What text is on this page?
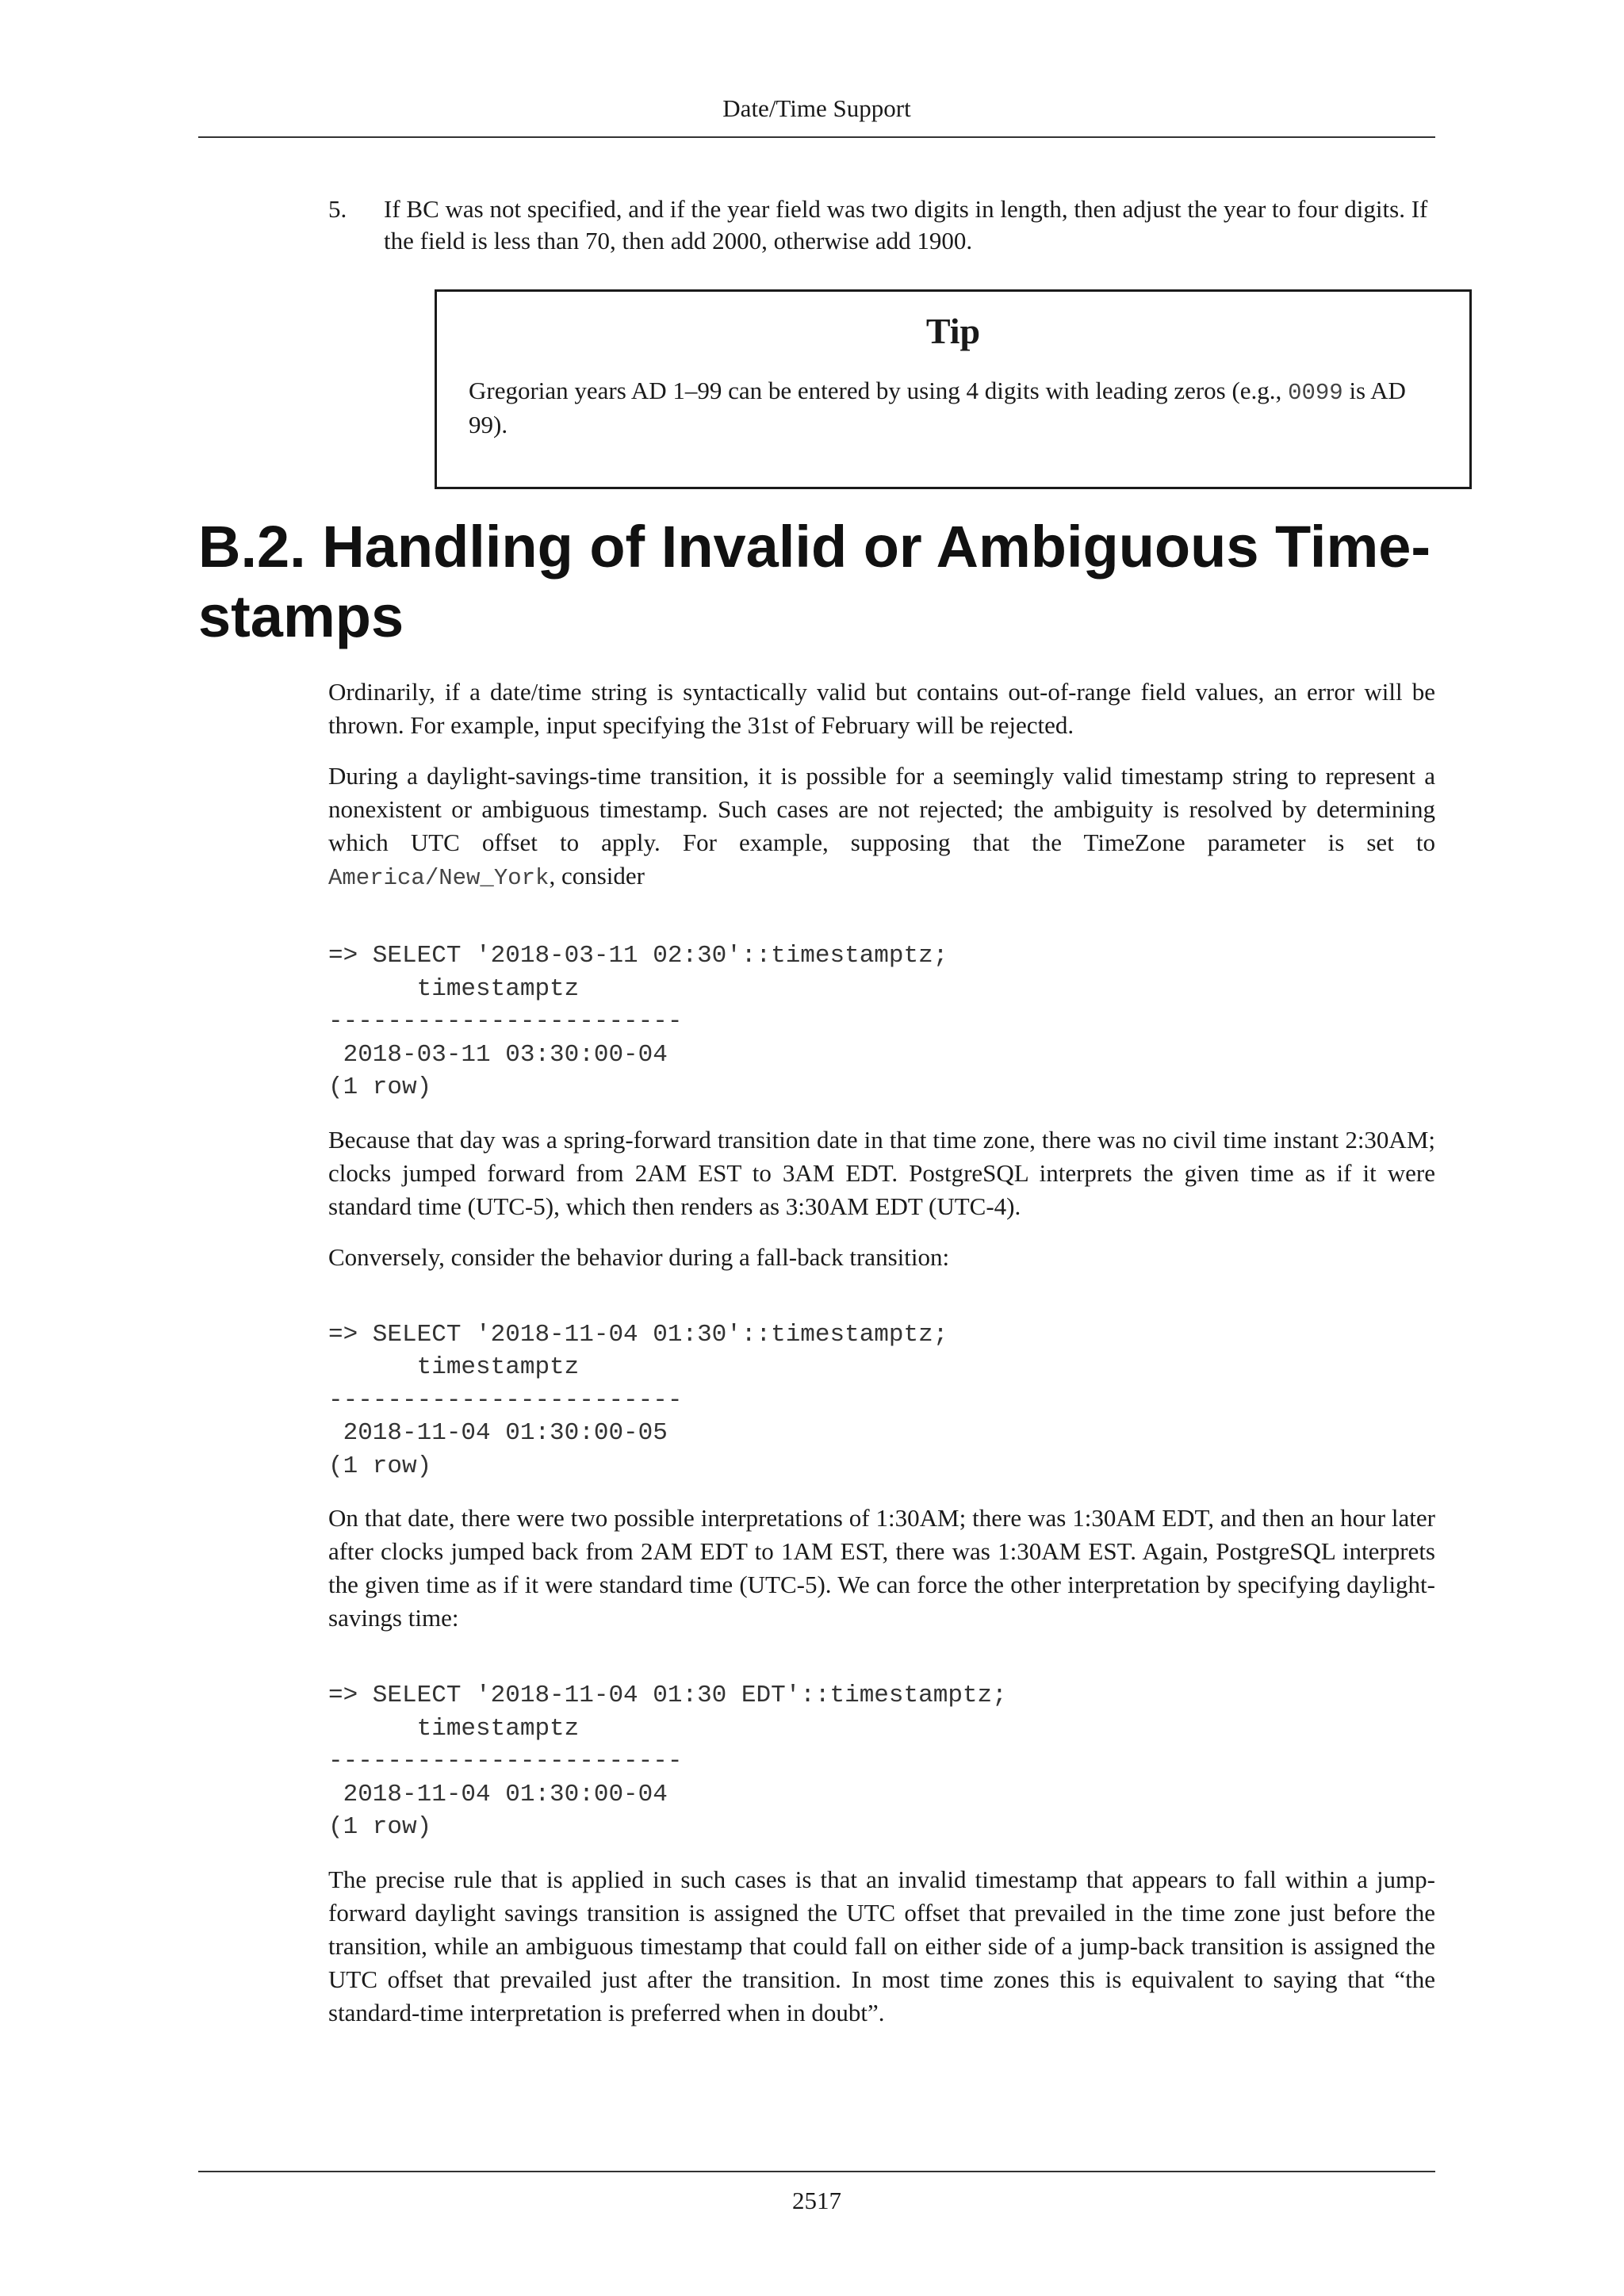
Date/Time Support
5. If BC was not specified, and if the year field was two digits in length, then adjust the year to four digits. If the field is less than 70, then add 2000, otherwise add 1900.
Tip
Gregorian years AD 1–99 can be entered by using 4 digits with leading zeros (e.g., 0099 is AD 99).
B.2. Handling of Invalid or Ambiguous Time-stamps

Ordinarily, if a date/time string is syntactically valid but contains out-of-range field values, an error will be thrown. For example, input specifying the 31st of February will be rejected.

During a daylight-savings-time transition, it is possible for a seemingly valid timestamp string to represent a nonexistent or ambiguous timestamp. Such cases are not rejected; the ambiguity is resolved by determining which UTC offset to apply. For example, supposing that the TimeZone parameter is set to America/New_York, consider

=> SELECT '2018-03-11 02:30'::timestamptz;
timestamptz
------------------------
2018-03-11 03:30:00-04
(1 row)

Because that day was a spring-forward transition date in that time zone, there was no civil time instant 2:30AM; clocks jumped forward from 2AM EST to 3AM EDT. PostgreSQL interprets the given time as if it were standard time (UTC-5), which then renders as 3:30AM EDT (UTC-4).

Conversely, consider the behavior during a fall-back transition:

=> SELECT '2018-11-04 01:30'::timestamptz;
timestamptz
------------------------
2018-11-04 01:30:00-05
(1 row)

On that date, there were two possible interpretations of 1:30AM; there was 1:30AM EDT, and then an hour later after clocks jumped back from 2AM EDT to 1AM EST, there was 1:30AM EST. Again, PostgreSQL interprets the given time as if it were standard time (UTC-5). We can force the other interpretation by specifying daylight-savings time:

=> SELECT '2018-11-04 01:30 EDT'::timestamptz;
timestamptz
------------------------
2018-11-04 01:30:00-04
(1 row)

The precise rule that is applied in such cases is that an invalid timestamp that appears to fall within a jump-forward daylight savings transition is assigned the UTC offset that prevailed in the time zone just before the transition, while an ambiguous timestamp that could fall on either side of a jump-back transition is assigned the UTC offset that prevailed just after the transition. In most time zones this is equivalent to saying that “the standard-time interpretation is preferred when in doubt”.

2517
